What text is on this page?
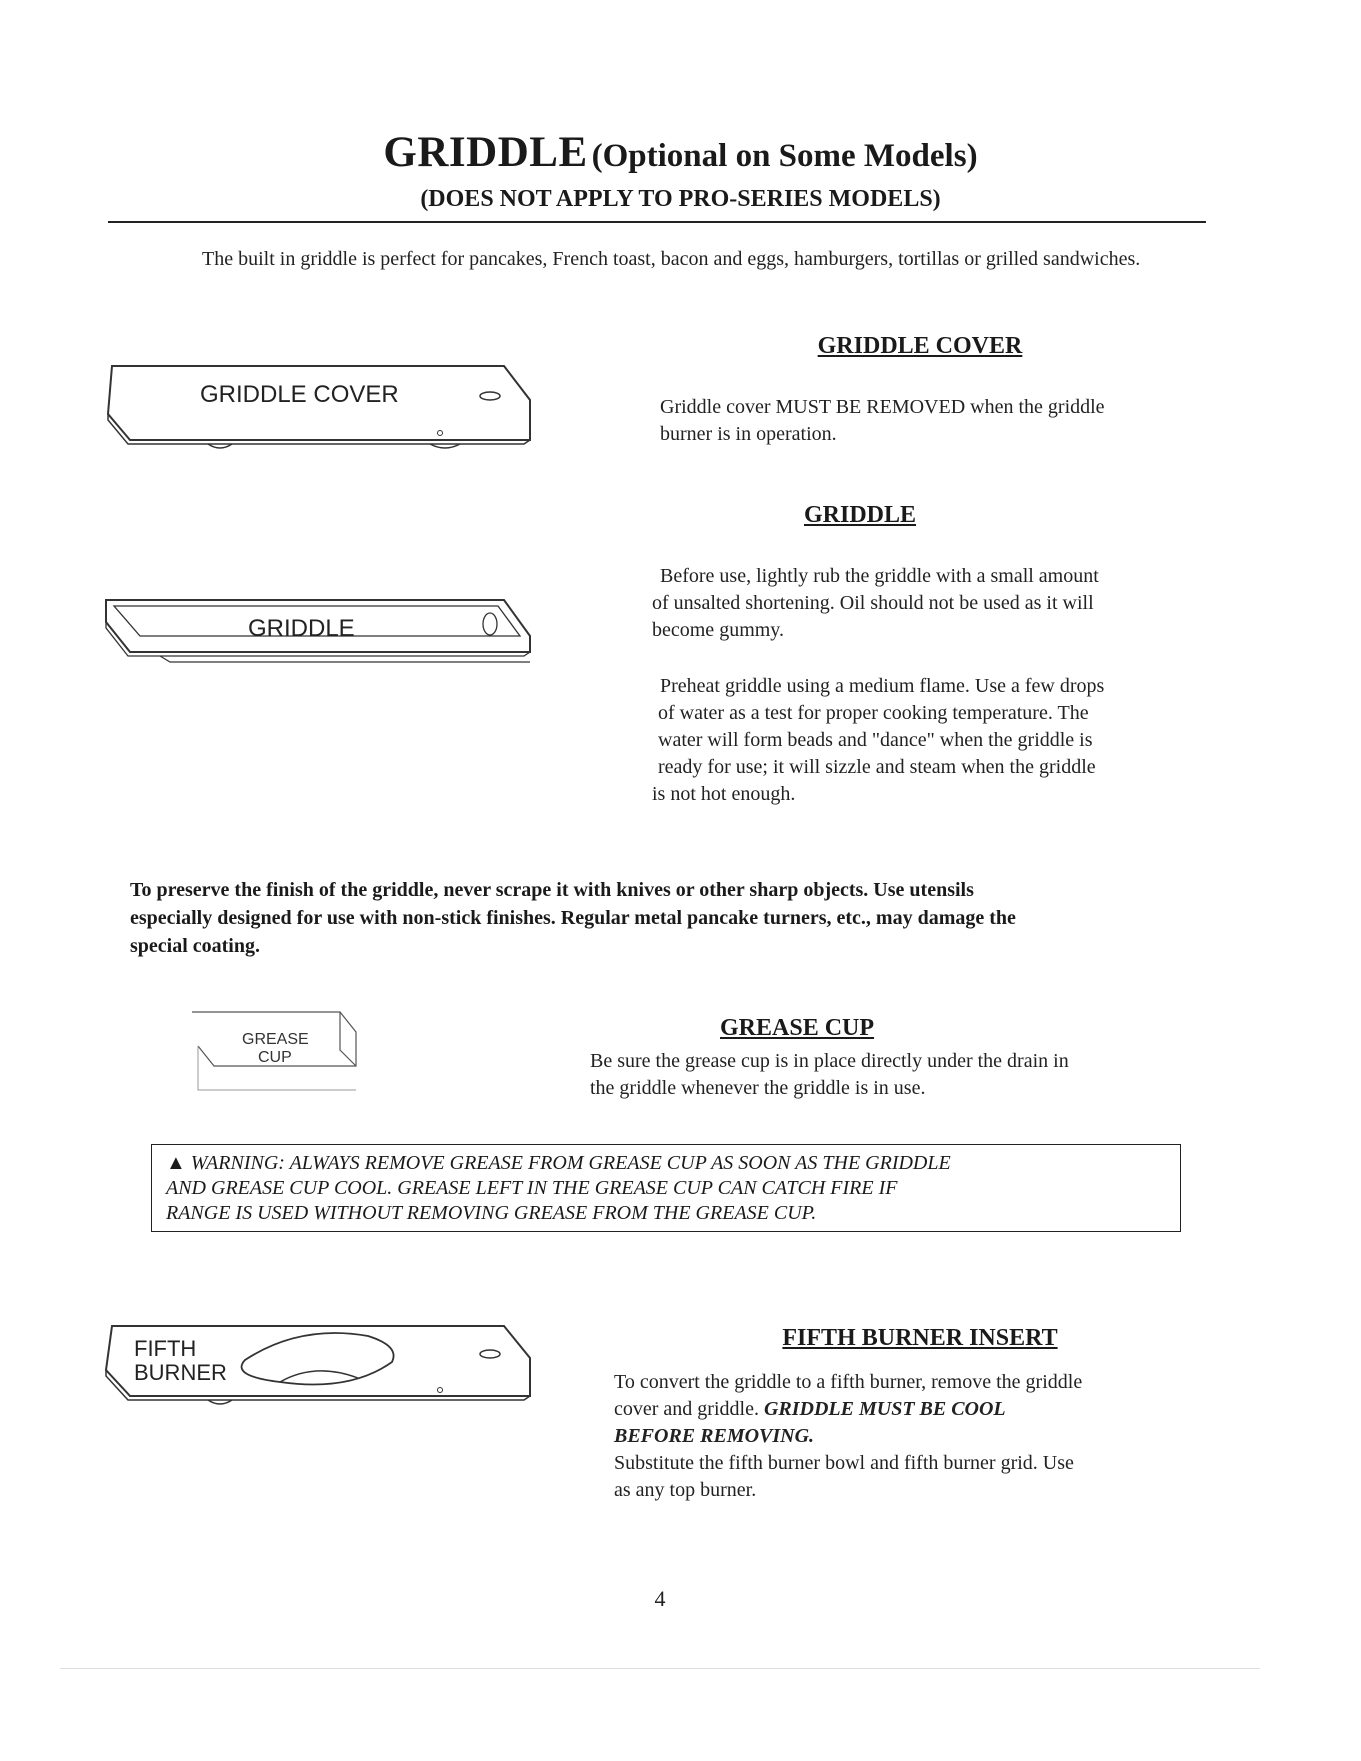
GRIDDLE (Optional on Some Models)
(DOES NOT APPLY TO PRO-SERIES MODELS)
The built in griddle is perfect for pancakes, French toast, bacon and eggs, hamburgers, tortillas or grilled sandwiches.
GRIDDLE COVER
GRIDDLE COVER
Griddle cover MUST BE REMOVED when the griddle
burner is in operation.
GRIDDLE
GRIDDLE
Before use, lightly rub the griddle with a small amount
of unsalted shortening. Oil should not be used as it will
become gummy.
Preheat griddle using a medium flame. Use a few drops
of water as a test for proper cooking temperature. The
water will form beads and "dance" when the griddle is
ready for use; it will sizzle and steam when the griddle
is not hot enough.
To preserve the finish of the griddle, never scrape it with knives or other sharp objects. Use utensils
especially designed for use with non-stick finishes. Regular metal pancake turners, etc., may damage the
special coating.
GREASE
CUP
GREASE CUP
Be sure the grease cup is in place directly under the drain in
the griddle whenever the griddle is in use.
▲ WARNING: ALWAYS REMOVE GREASE FROM GREASE CUP AS SOON AS THE GRIDDLE
AND GREASE CUP COOL. GREASE LEFT IN THE GREASE CUP CAN CATCH FIRE IF
RANGE IS USED WITHOUT REMOVING GREASE FROM THE GREASE CUP.
FIFTH
BURNER
FIFTH BURNER INSERT
To convert the griddle to a fifth burner, remove the griddle
cover and griddle. GRIDDLE MUST BE COOL
BEFORE REMOVING.
Substitute the fifth burner bowl and fifth burner grid. Use
as any top burner.
4
